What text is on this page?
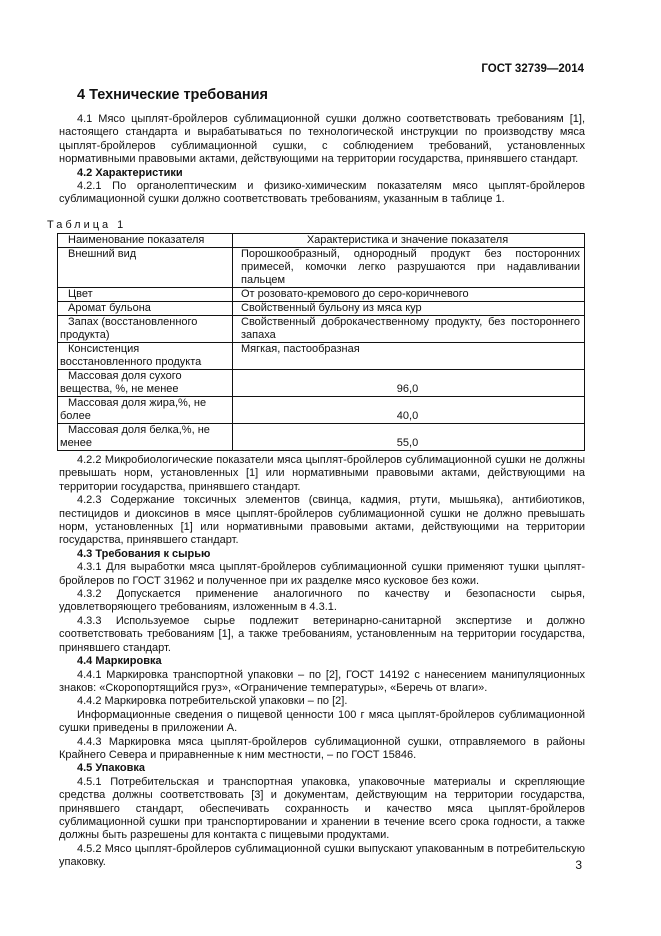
ГОСТ 32739—2014
4 Технические требования

4.1 Мясо цыплят-бройлеров сублимационной сушки должно соответствовать требованиям [1], настоящего стандарта и вырабатываться по технологической инструкции по производству мяса цыплят-бройлеров сублимационной сушки, с соблюдением требований, установленных нормативными правовыми актами, действующими на территории государства, принявшего стандарт.

4.2 Характеристики

4.2.1 По органолептическим и физико-химическим показателям мясо цыплят-бройлеров сублимационной сушки должно соответствовать требованиям, указанным в таблице 1.

Таблица 1
Наименование показателя	Характеристика и значение показателя
Внешний вид	Порошкообразный, однородный продукт без посторонних примесей, комочки легко разрушаются при надавливании пальцем
Цвет	От розовато-кремового до серо-коричневого
Аромат бульона	Свойственный бульону из мяса кур
Запах (восстановленного продукта)	Свойственный доброкачественному продукту, без постороннего запаха
Консистенция восстановленного продукта	Мягкая, пастообразная
Массовая доля сухого вещества, %, не менее	96,0
Массовая доля жира,%, не более	40,0
Массовая доля белка,%, не менее	55,0

4.2.2 Микробиологические показатели мяса цыплят-бройлеров сублимационной сушки не должны превышать норм, установленных [1] или нормативными правовыми актами, действующими на территории государства, принявшего стандарт.

4.2.3 Содержание токсичных элементов (свинца, кадмия, ртути, мышьяка), антибиотиков, пестицидов и диоксинов в мясе цыплят-бройлеров сублимационной сушки не должно превышать норм, установленных [1] или нормативными правовыми актами, действующими на территории государства, принявшего стандарт.

4.3 Требования к сырью

4.3.1 Для выработки мяса цыплят-бройлеров сублимационной сушки применяют тушки цыплят-бройлеров по ГОСТ 31962 и полученное при их разделке мясо кусковое без кожи.

4.3.2 Допускается применение аналогичного по качеству и безопасности сырья, удовлетворяющего требованиям, изложенным в 4.3.1.

4.3.3 Используемое сырье подлежит ветеринарно-санитарной экспертизе и должно соответствовать требованиям [1], а также требованиям, установленным на территории государства, принявшего стандарт.

4.4 Маркировка

4.4.1 Маркировка транспортной упаковки – по [2], ГОСТ 14192 с нанесением манипуляционных знаков: «Скоропортящийся груз», «Ограничение температуры», «Беречь от влаги».

4.4.2 Маркировка потребительской упаковки – по [2].

Информационные сведения о пищевой ценности 100 г мяса цыплят-бройлеров сублимационной сушки приведены в приложении А.

4.4.3 Маркировка мяса цыплят-бройлеров сублимационной сушки, отправляемого в районы Крайнего Севера и приравненные к ним местности, – по ГОСТ 15846.

4.5 Упаковка

4.5.1 Потребительская и транспортная упаковка, упаковочные материалы и скрепляющие средства должны соответствовать [3] и документам, действующим на территории государства, принявшего стандарт, обеспечивать сохранность и качество мяса цыплят-бройлеров сублимационной сушки при транспортировании и хранении в течение всего срока годности, а также должны быть разрешены для контакта с пищевыми продуктами.

4.5.2 Мясо цыплят-бройлеров сублимационной сушки выпускают упакованным в потребительскую упаковку.	3
